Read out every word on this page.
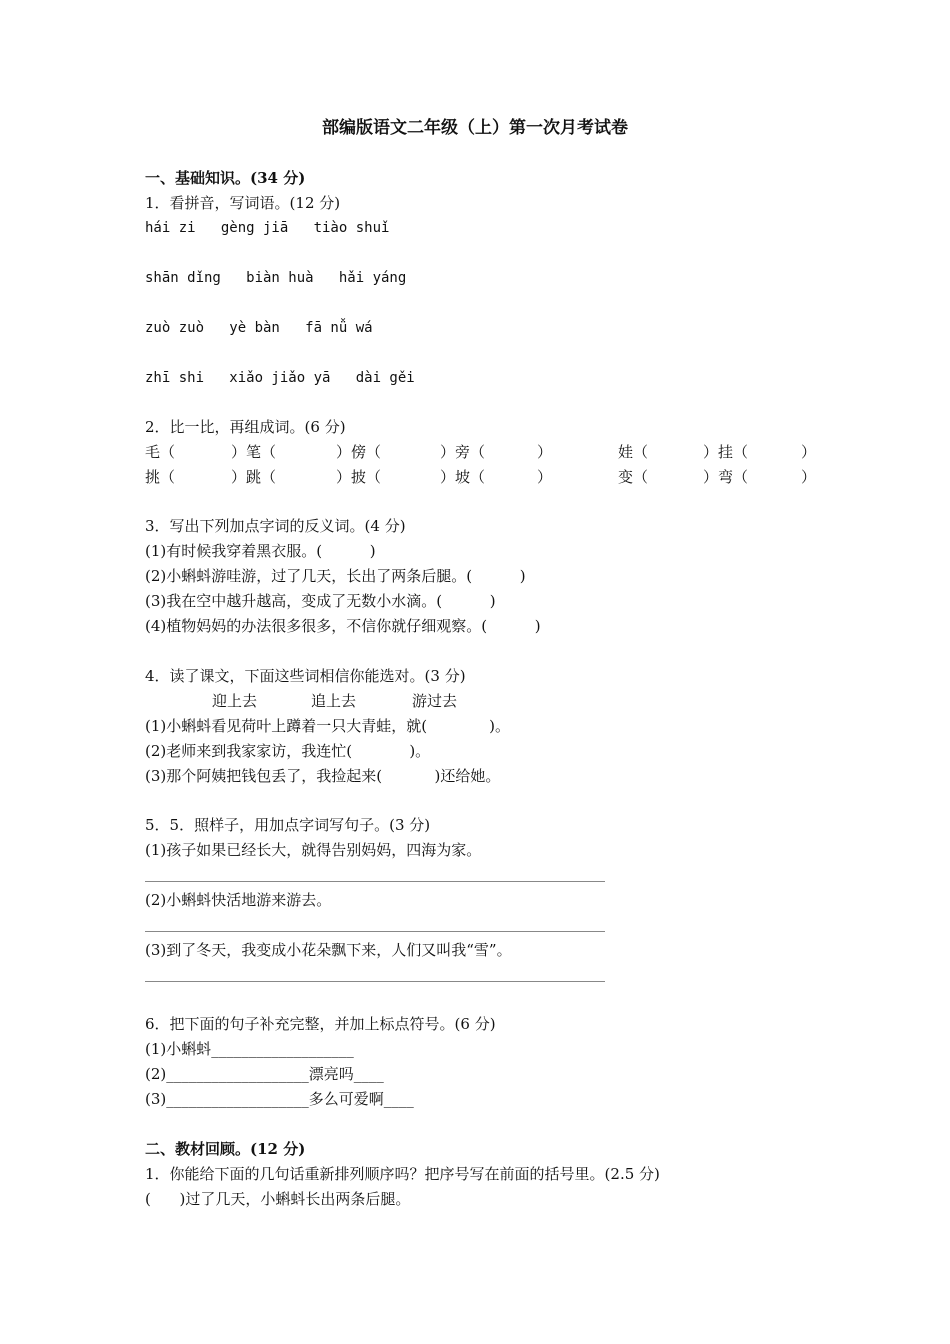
部编版语文二年级（上）第一次月考试卷
一、基础知识。(34 分)
1．看拼音，写词语。(12 分)
hái zi   gèng jiā   tiào shuǐ
shān dǐng   biàn huà   hǎi yáng
zuò zuò   yè bàn   fā nǚ wá
zhī shi   xiǎo jiǎo yā   dài gěi
2．比一比，再组成词。(6 分)
毛（	）笔（	）傍（	）旁（	）	娃（	）挂（	）
挑（	）跳（	）披（	）坡（	）	变（	）弯（	）
3．写出下列加点字词的反义词。(4 分)
(1)有时候我穿着黑衣服。(          )
(2)小蝌蚪游哇游，过了几天，长出了两条后腿。(          )
(3)我在空中越升越高，变成了无数小水滴。(          )
(4)植物妈妈的办法很多很多，不信你就仔细观察。(          )
4．读了课文，下面这些词相信你能选对。(3 分)
迎上去	追上去	游过去
(1)小蝌蚪看见荷叶上蹲着一只大青蛙，就(             )。
(2)老师来到我家家访，我连忙(            )。
(3)那个阿姨把钱包丢了，我捡起来(           )还给她。
5．5．照样子，用加点字词写句子。(3 分)
(1)孩子如果已经长大，就得告别妈妈，四海为家。
(2)小蝌蚪快活地游来游去。
(3)到了冬天，我变成小花朵飘下来，人们又叫我“雪”。
6．把下面的句子补充完整，并加上标点符号。(6 分)
(1)小蝌蚪___________________
(2)___________________漂亮吗____
(3)___________________多么可爱啊____
二、教材回顾。(12 分)
1．你能给下面的几句话重新排列顺序吗？把序号写在前面的括号里。(2.5 分)
(      )过了几天，小蝌蚪长出两条后腿。
